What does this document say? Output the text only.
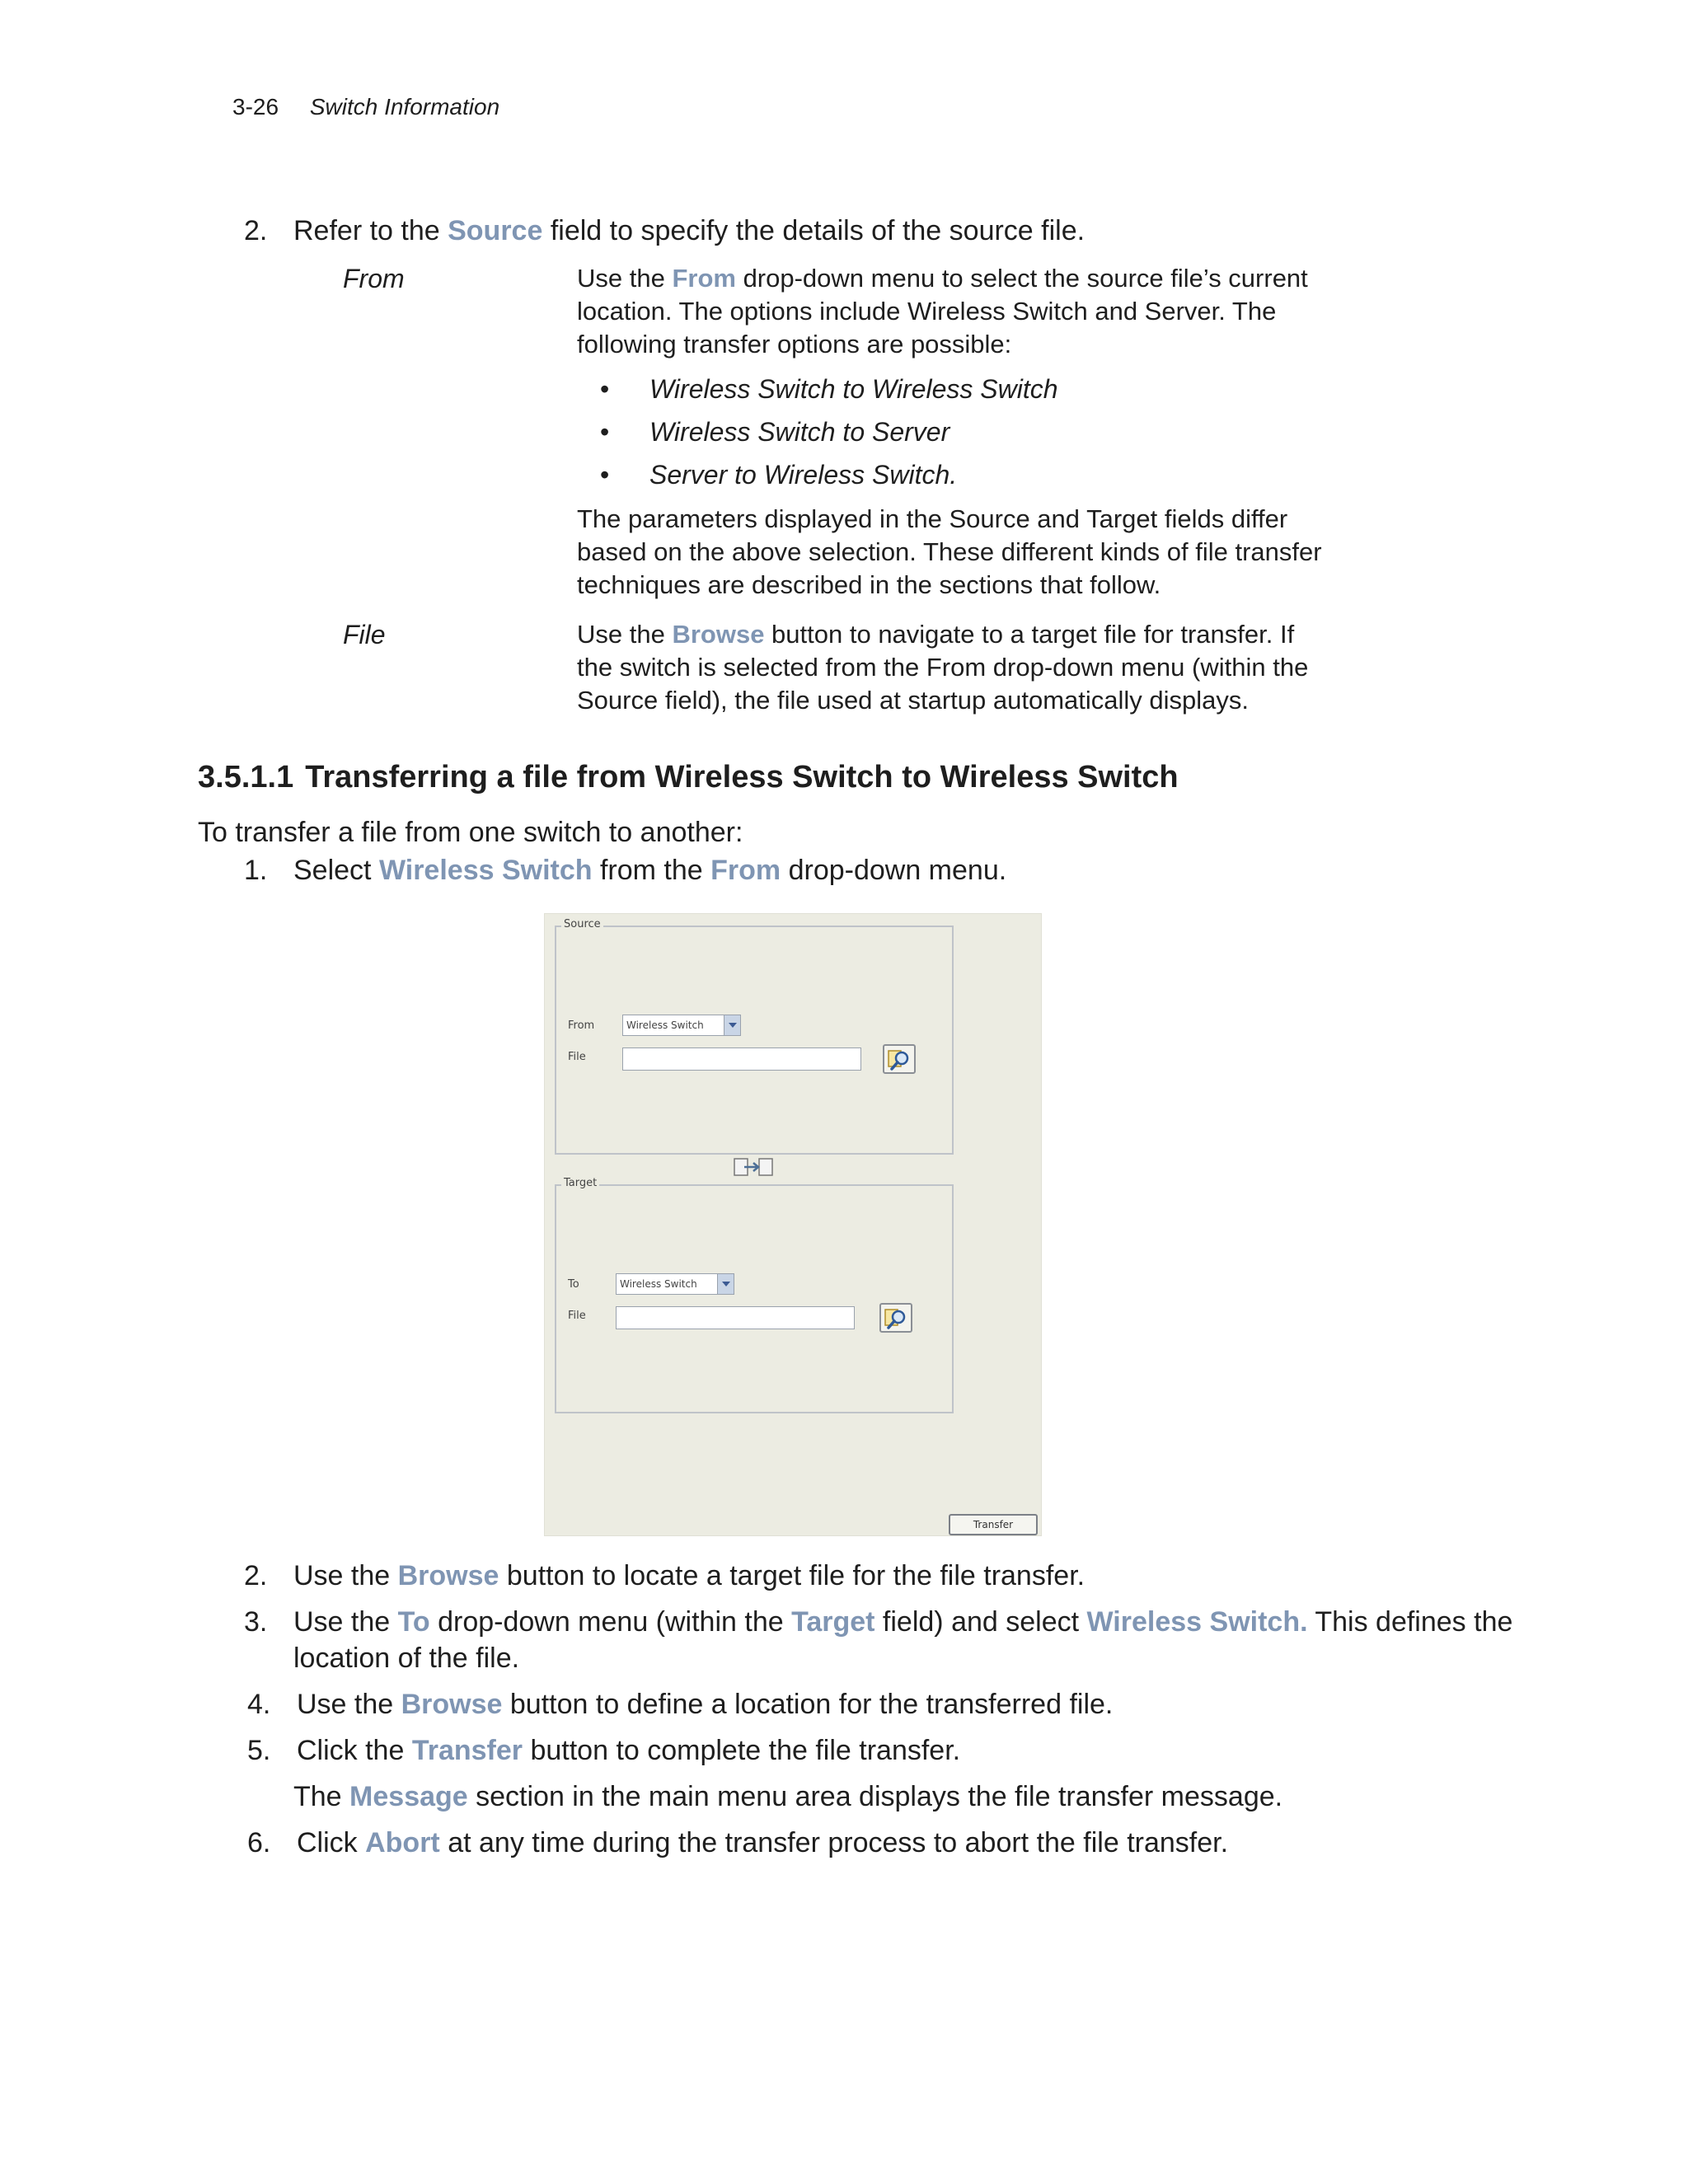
3-26 Switch Information
2. Refer to the Source field to specify the details of the source file.
From	Use the From drop-down menu to select the source file’s current
location. The options include Wireless Switch and Server. The
following transfer options are possible:
• Wireless Switch to Wireless Switch
• Wireless Switch to Server
• Server to Wireless Switch.
The parameters displayed in the Source and Target fields differ
based on the above selection. These different kinds of file transfer
techniques are described in the sections that follow.
File	Use the Browse button to navigate to a target file for transfer. If
the switch is selected from the From drop-down menu (within the
Source field), the file used at startup automatically displays.
3.5.1.1 Transferring a file from Wireless Switch to Wireless Switch
To transfer a file from one switch to another:
1. Select Wireless Switch from the From drop-down menu.
Source
From	Wireless Switch
File
Target
To	Wireless Switch
File
Transfer
2. Use the Browse button to locate a target file for the file transfer.
3. Use the To drop-down menu (within the Target field) and select Wireless Switch. This defines the
location of the file.
4. Use the Browse button to define a location for the transferred file.
5. Click the Transfer button to complete the file transfer.
The Message section in the main menu area displays the file transfer message.
6. Click Abort at any time during the transfer process to abort the file transfer.
